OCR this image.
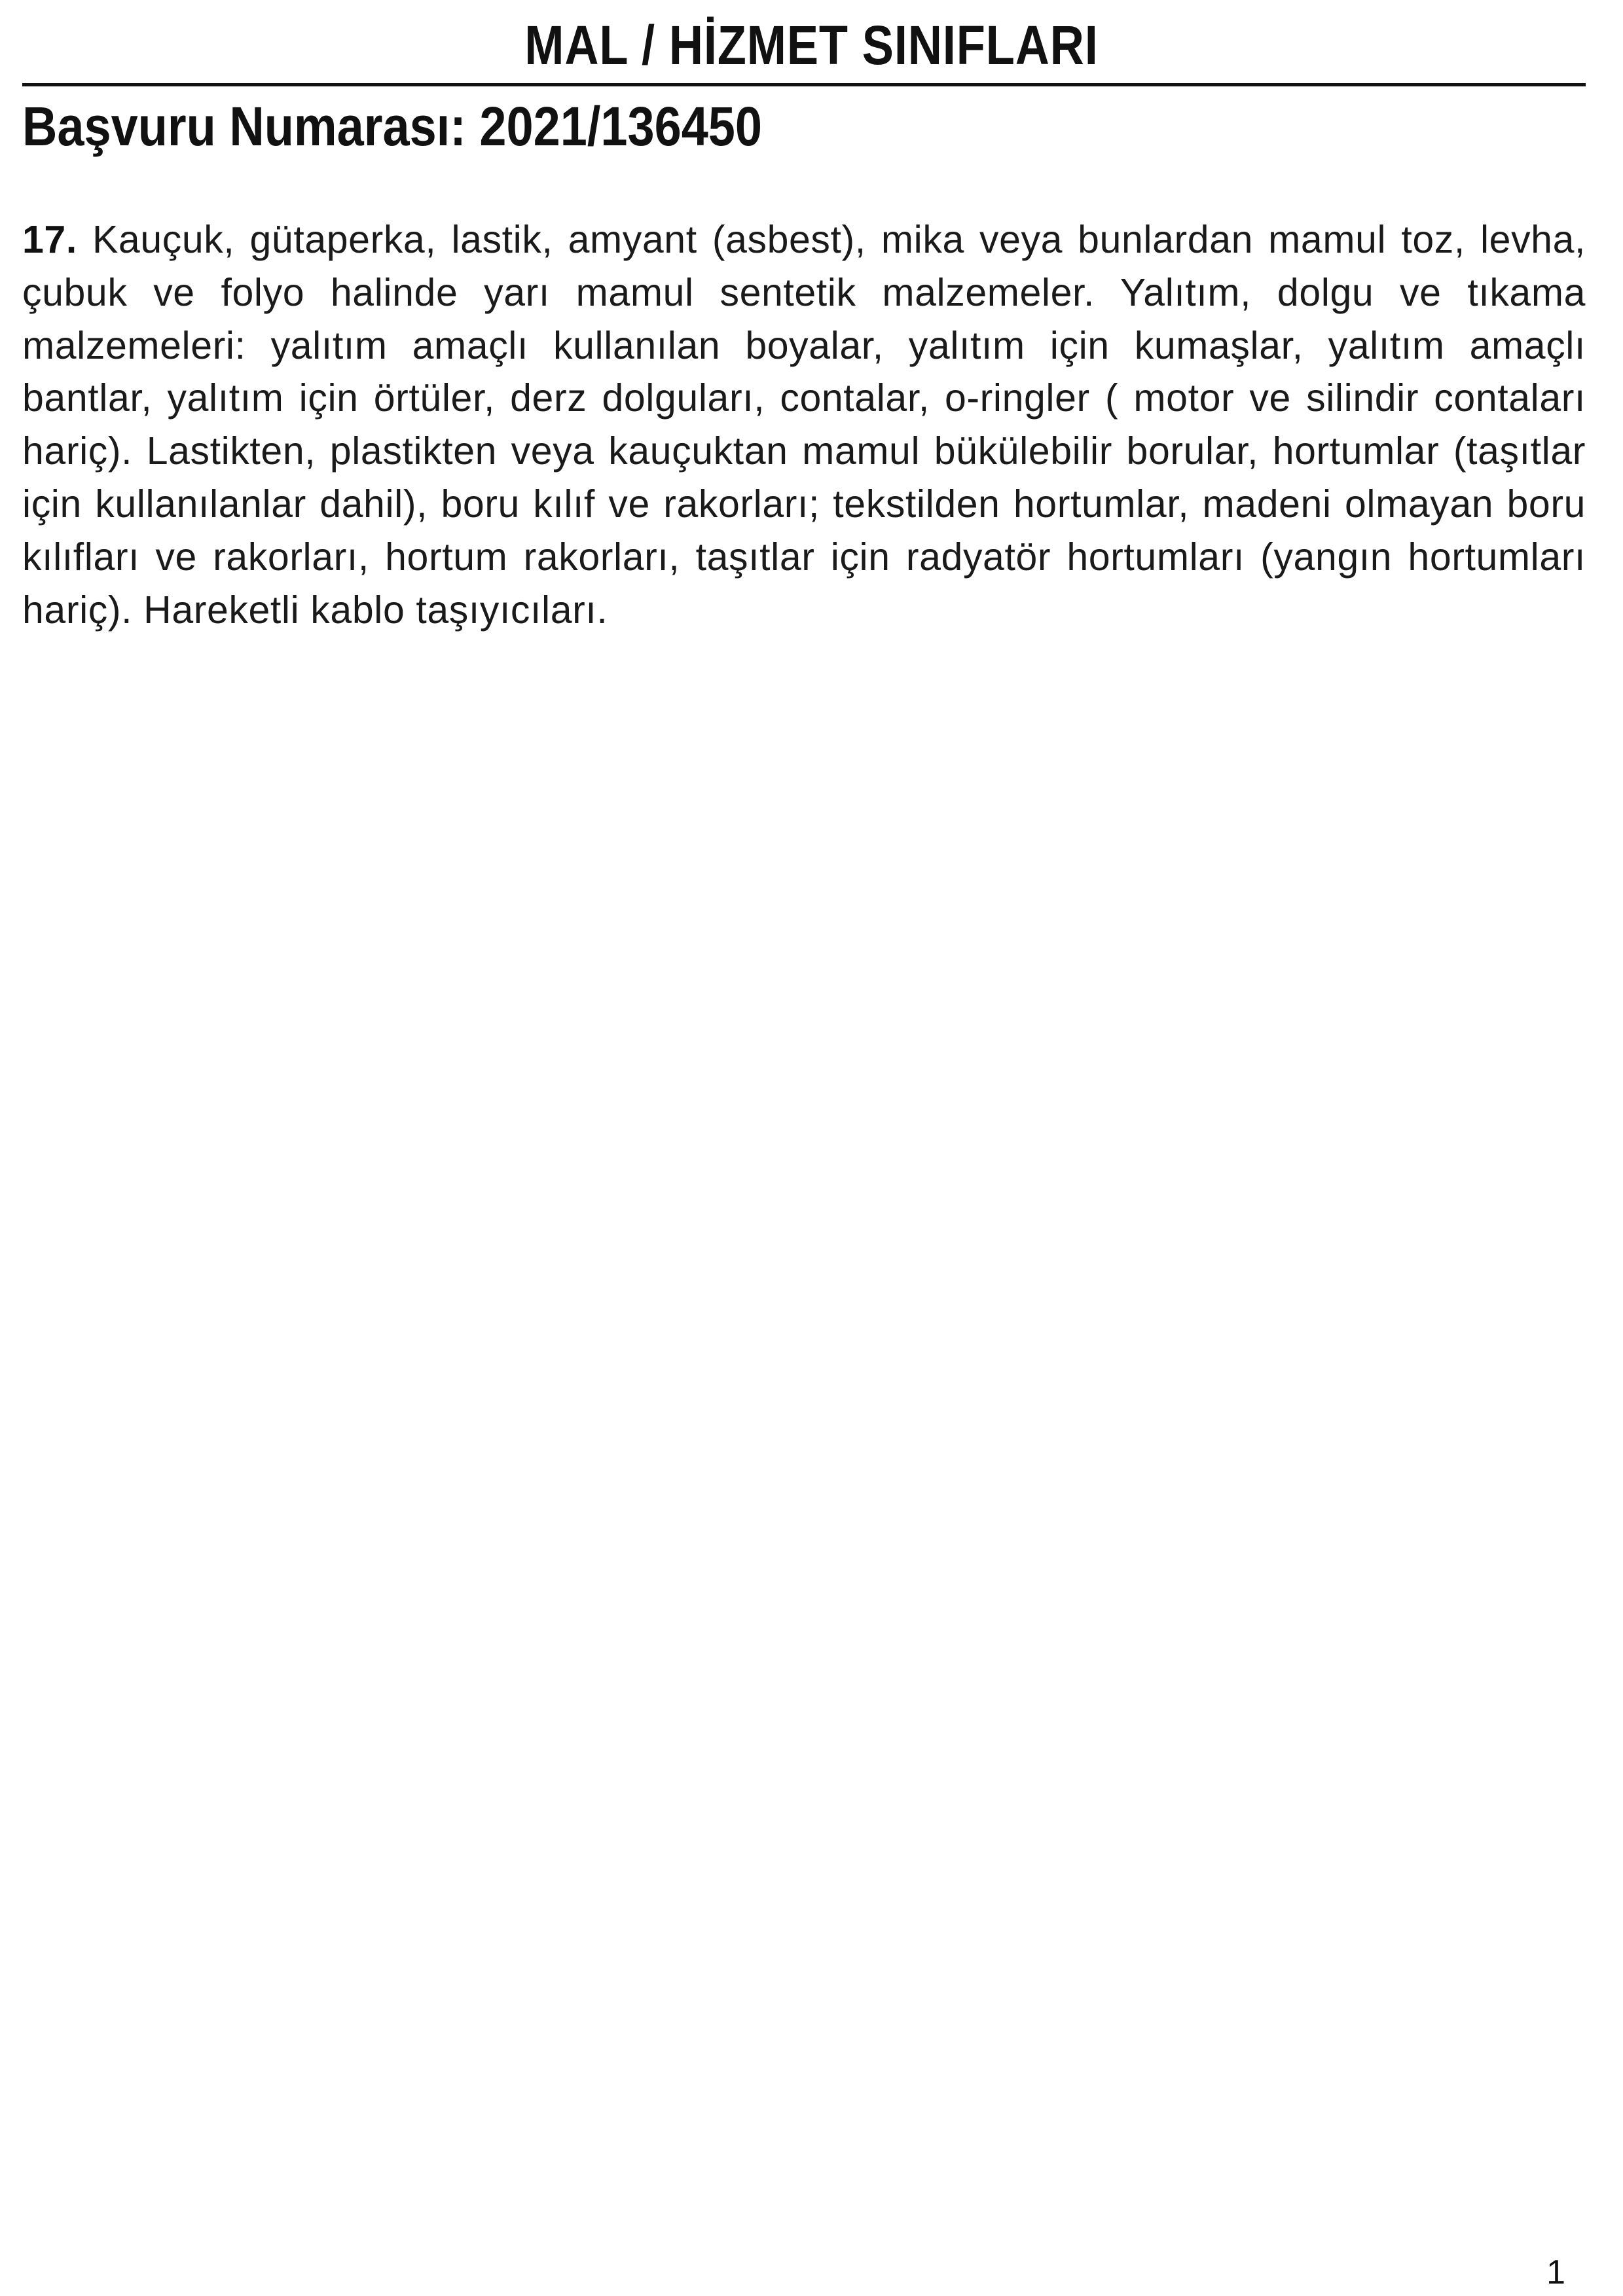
MAL / HİZMET SINIFLARI
Başvuru Numarası: 2021/136450
17. Kauçuk, gütaperka, lastik, amyant (asbest), mika veya bunlardan mamul toz, levha, çubuk ve folyo halinde yarı mamul sentetik malzemeler. Yalıtım, dolgu ve tıkama malzemeleri: yalıtım amaçlı kullanılan boyalar, yalıtım için kumaşlar, yalıtım amaçlı bantlar, yalıtım için örtüler, derz dolguları, contalar, o-ringler ( motor ve silindir contaları hariç). Lastikten, plastikten veya kauçuktan mamul bükülebilir borular, hortumlar (taşıtlar için kullanılanlar dahil), boru kılıf ve rakorları; tekstilden hortumlar, madeni olmayan boru kılıfları ve rakorları, hortum rakorları, taşıtlar için radyatör hortumları (yangın hortumları hariç). Hareketli kablo taşıyıcıları.
1
